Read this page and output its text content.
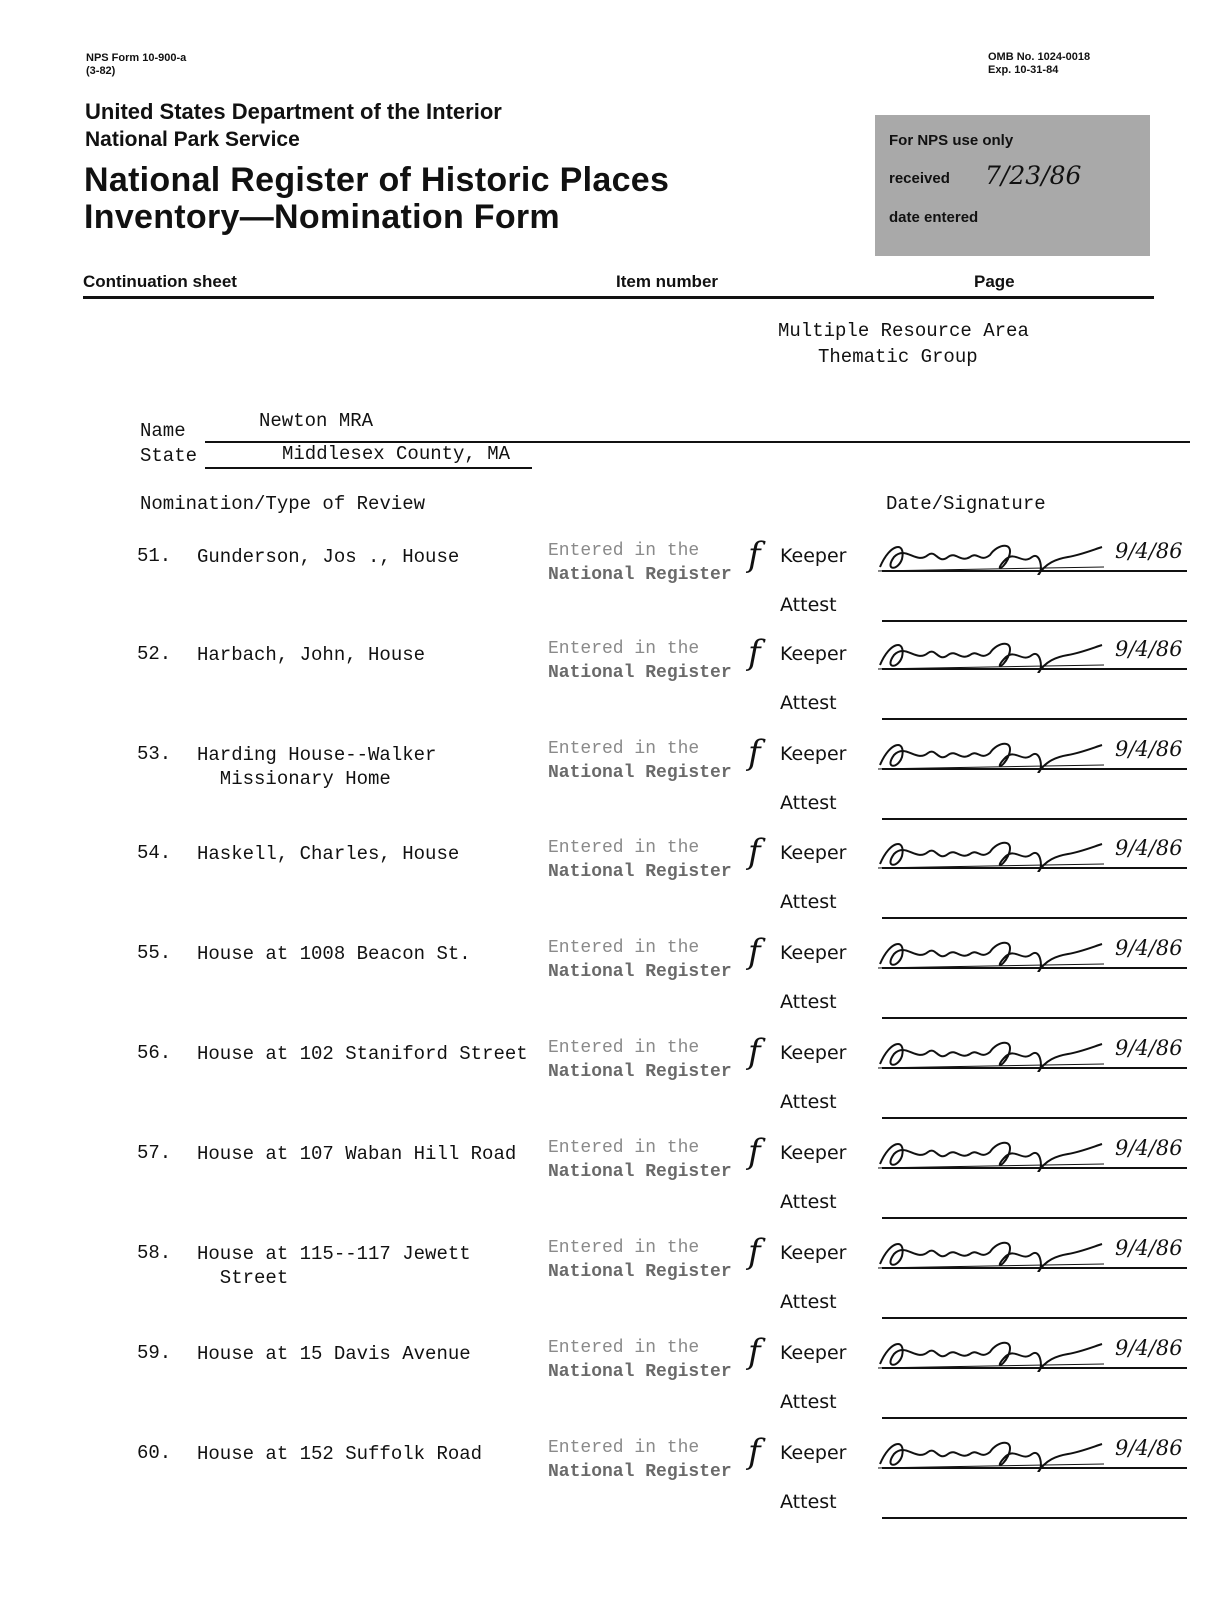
NPS Form 10-900-a
(3-82)
OMB No. 1024-0018
Exp. 10-31-84
United States Department of the Interior
National Park Service
National Register of Historic Places
Inventory—Nomination Form
For NPS use only
received 7/23/86
date entered
Continuation sheet	Item number	Page
Multiple Resource Area
Thematic Group
Name	Newton MRA
State	Middlesex County, MA
Nomination/Type of Review	Date/Signature
51. Gunderson, Jos ., House	Entered in the
National Register f Keeper	9/4/86
Attest
52. Harbach, John, House	Entered in the
National Register f Keeper	9/4/86
Attest
53. Harding House--Walker
Missionary Home
Entered in the
National Register f Keeper	9/4/86
Attest
54. Haskell, Charles, House	Entered in the
National Register f Keeper	9/4/86
Attest
55. House at 1008 Beacon St.	Entered in the
National Register f Keeper	9/4/86
Attest
56. House at 102 Staniford Street Entered in the
National Register f Keeper	9/4/86
Attest
57. House at 107 Waban Hill Road Entered in the
National Register f Keeper	9/4/86
Attest
58. House at 115--117 Jewett
Street
Entered in the
National Register f Keeper	9/4/86
Attest
59. House at 15 Davis Avenue	Entered in the
National Register f Keeper	9/4/86
Attest
60. House at 152 Suffolk Road	Entered in the
National Register f Keeper	9/4/86
Attest
